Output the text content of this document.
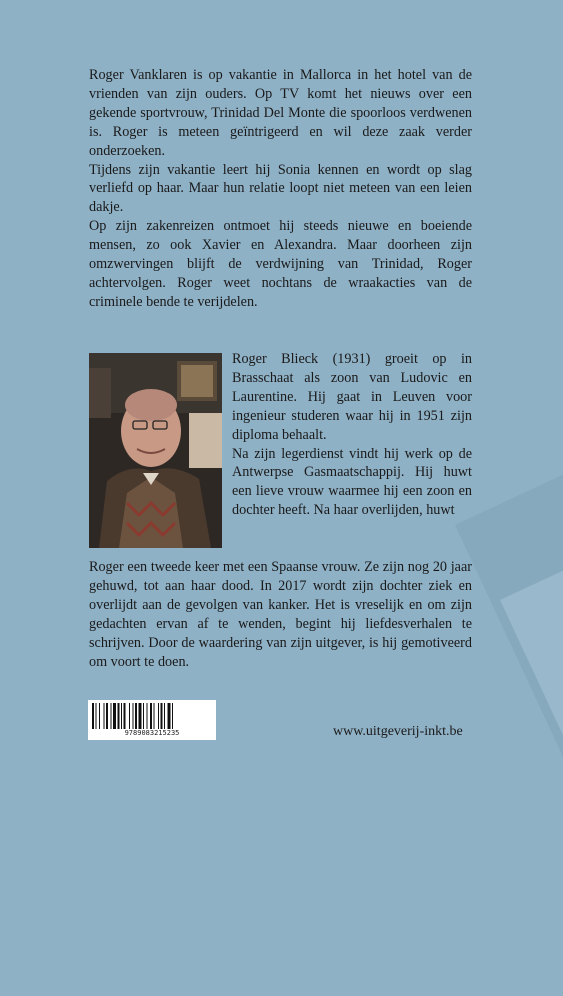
Roger Vanklaren is op vakantie in Mallorca in het hotel van de vrienden van zijn ouders. Op TV komt het nieuws over een gekende sportvrouw, Trinidad Del Monte die spoorloos verdwenen is. Roger is meteen geïntrigeerd en wil deze zaak verder onderzoeken.

Tijdens zijn vakantie leert hij Sonia kennen en wordt op slag verliefd op haar. Maar hun relatie loopt niet meteen van een leien dakje.

Op zijn zakenreizen ontmoet hij steeds nieuwe en boeiende mensen, zo ook Xavier en Alexandra. Maar doorheen zijn omzwervingen blijft de verdwijning van Trinidad, Roger achtervolgen. Roger weet nochtans de wraakacties van de criminele bende te verijdelen.

Roger Blieck (1931) groeit op in Brasschaat als zoon van Ludovic en Laurentine. Hij gaat in Leuven voor ingenieur studeren waar hij in 1951 zijn diploma behaalt.

Na zijn legerdienst vindt hij werk op de Antwerpse Gasmaatschappij. Hij huwt een lieve vrouw waarmee hij een zoon en dochter heeft. Na haar overlijden, huwt

Roger een tweede keer met een Spaanse vrouw. Ze zijn nog 20 jaar gehuwd, tot aan haar dood. In 2017 wordt zijn dochter ziek en overlijdt aan de gevolgen van kanker. Het is vreselijk en om zijn gedachten ervan af te wenden, begint hij liefdesverhalen te schrijven. Door de waardering van zijn uitgever, is hij gemotiveerd om voort te doen.

9789083215235	www.uitgeverij-inkt.be
